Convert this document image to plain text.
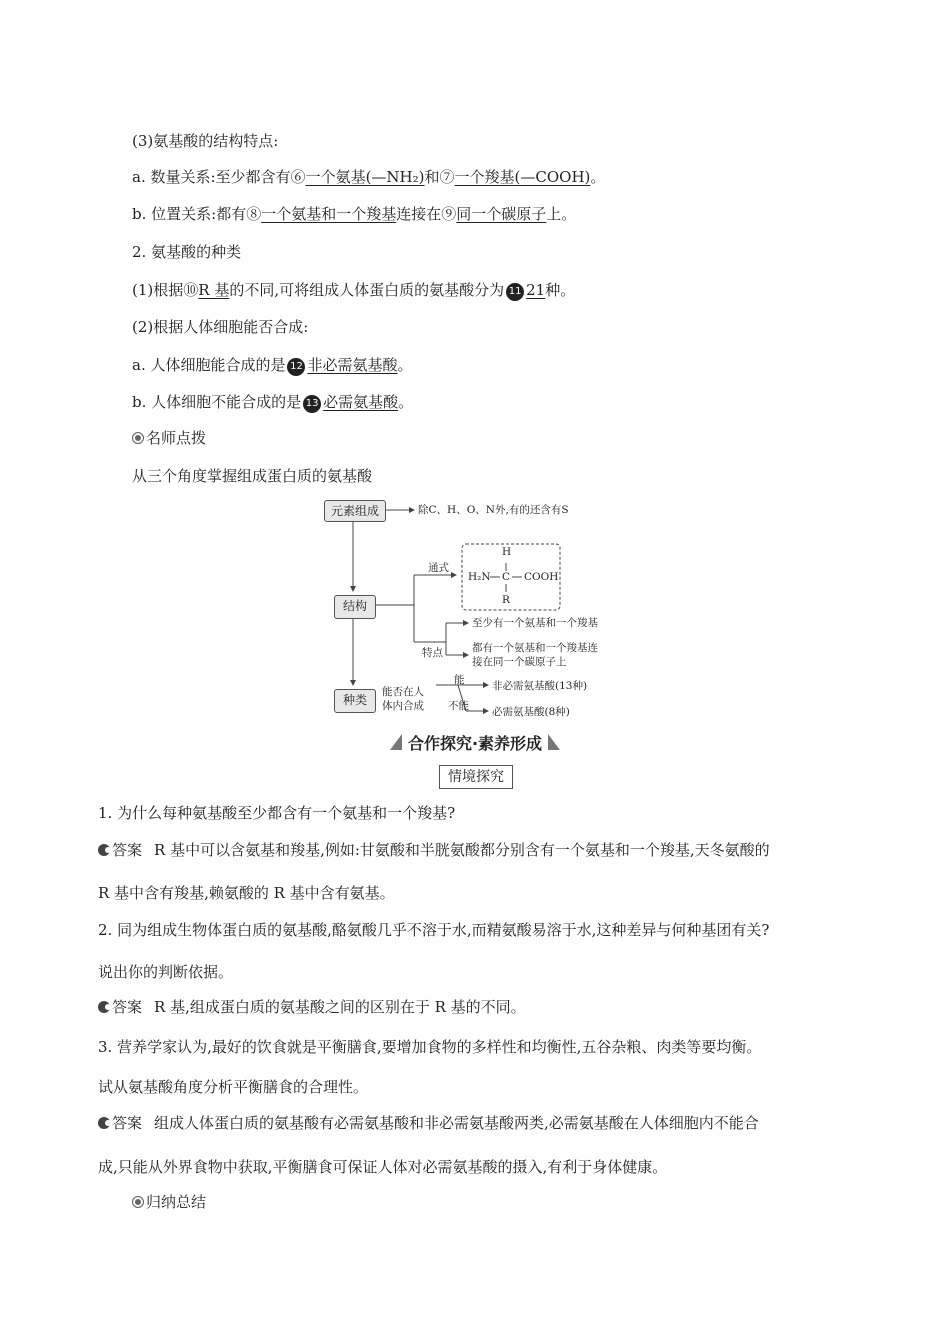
(3)氨基酸的结构特点:
a. 数量关系:至少都含有⑥一个氨基(—NH₂)和⑦一个羧基(—COOH)。
b. 位置关系:都有⑧一个氨基和一个羧基连接在⑨同一个碳原子上。
2. 氨基酸的种类
(1)根据⑩R 基的不同,可将组成人体蛋白质的氨基酸分为 11 21种。
(2)根据人体细胞能否合成:
a. 人体细胞能合成的是 12 非必需氨基酸。
b. 人体细胞不能合成的是 13 必需氨基酸。
名师点拨
从三个角度掌握组成蛋白质的氨基酸
元素组成	除C、H、O、N外,有的还含有S
结构
通式
H
H₂N C COOH
R
特点
至少有一个氨基和一个羧基
都有一个氨基和一个羧基连
接在同一个碳原子上
种类
能否在人
体内合成
能
不能
非必需氨基酸(13种)
必需氨基酸(8种)
合作探究·素养形成
情境探究
1. 为什么每种氨基酸至少都含有一个氨基和一个羧基?
答案 R 基中可以含氨基和羧基,例如:甘氨酸和半胱氨酸都分别含有一个氨基和一个羧基,天冬氨酸的
R 基中含有羧基,赖氨酸的 R 基中含有氨基。
2. 同为组成生物体蛋白质的氨基酸,酪氨酸几乎不溶于水,而精氨酸易溶于水,这种差异与何种基团有关?
说出你的判断依据。
答案 R 基,组成蛋白质的氨基酸之间的区别在于 R 基的不同。
3. 营养学家认为,最好的饮食就是平衡膳食,要增加食物的多样性和均衡性,五谷杂粮、肉类等要均衡。
试从氨基酸角度分析平衡膳食的合理性。
答案 组成人体蛋白质的氨基酸有必需氨基酸和非必需氨基酸两类,必需氨基酸在人体细胞内不能合
成,只能从外界食物中获取,平衡膳食可保证人体对必需氨基酸的摄入,有利于身体健康。
归纳总结
